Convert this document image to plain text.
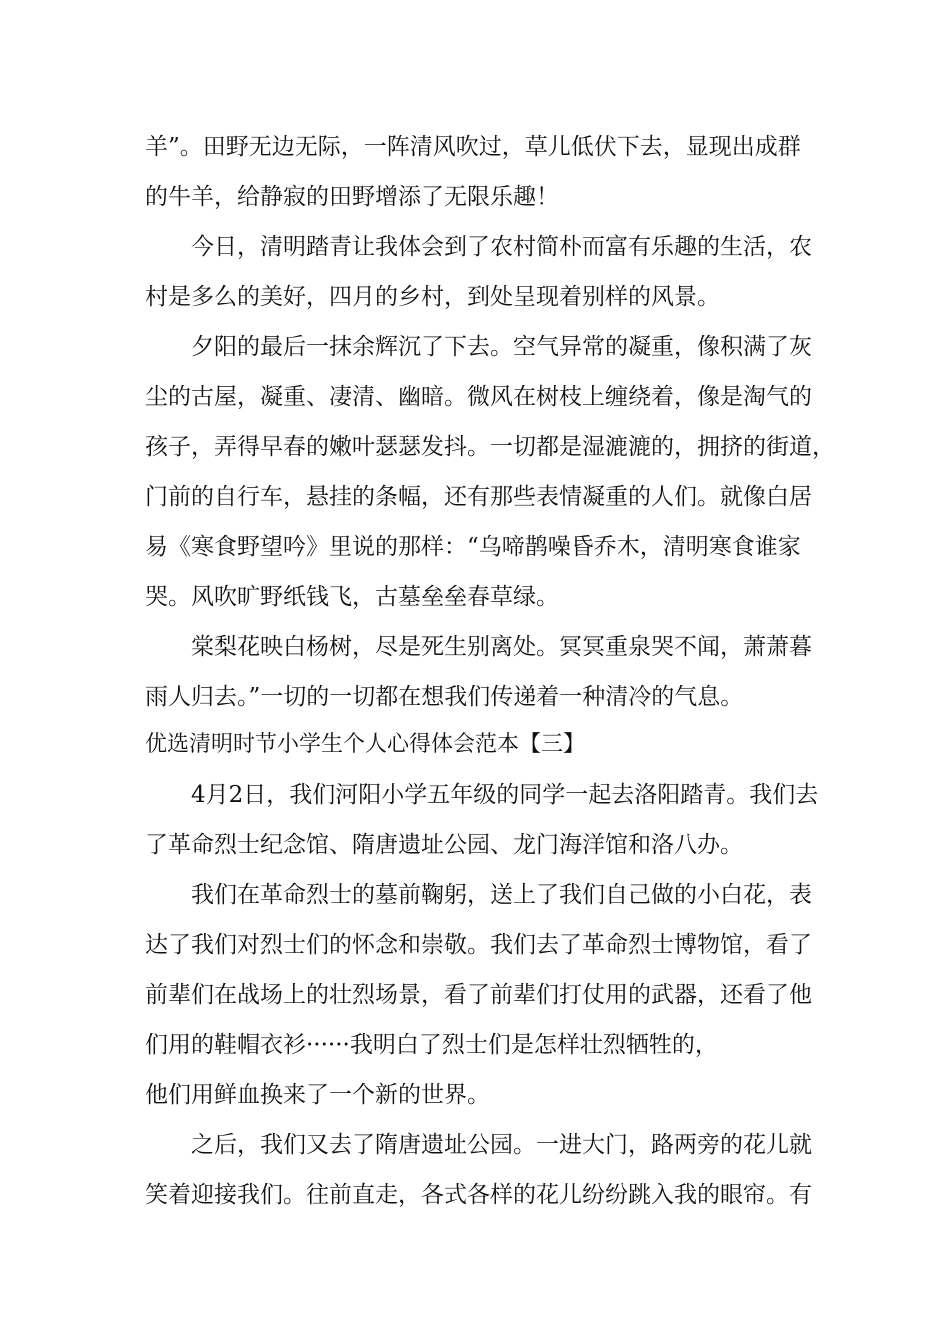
羊”。田野无边无际，一阵清风吹过，草儿低伏下去，显现出成群
的牛羊，给静寂的田野增添了无限乐趣！
今日，清明踏青让我体会到了农村简朴而富有乐趣的生活，农
村是多么的美好，四月的乡村，到处呈现着别样的风景。
夕阳的最后一抹余辉沉了下去。空气异常的凝重，像积满了灰
尘的古屋，凝重、凄清、幽暗。微风在树枝上缠绕着，像是淘气的
孩子，弄得早春的嫩叶瑟瑟发抖。一切都是湿漉漉的，拥挤的街道，
门前的自行车，悬挂的条幅，还有那些表情凝重的人们。就像白居
易《寒食野望吟》里说的那样：“乌啼鹊噪昏乔木，清明寒食谁家
哭。风吹旷野纸钱飞，古墓垒垒春草绿。
棠梨花映白杨树，尽是死生别离处。冥冥重泉哭不闻，萧萧暮
雨人归去。”一切的一切都在想我们传递着一种清冷的气息。
优选清明时节小学生个人心得体会范本【三】
4月2日，我们河阳小学五年级的同学一起去洛阳踏青。我们去
了革命烈士纪念馆、隋唐遗址公园、龙门海洋馆和洛八办。
我们在革命烈士的墓前鞠躬，送上了我们自己做的小白花，表
达了我们对烈士们的怀念和崇敬。我们去了革命烈士博物馆，看了
前辈们在战场上的壮烈场景，看了前辈们打仗用的武器，还看了他
们用的鞋帽衣衫······我明白了烈士们是怎样壮烈牺牲的，
他们用鲜血换来了一个新的世界。
之后，我们又去了隋唐遗址公园。一进大门，路两旁的花儿就
笑着迎接我们。往前直走，各式各样的花儿纷纷跳入我的眼帘。有
